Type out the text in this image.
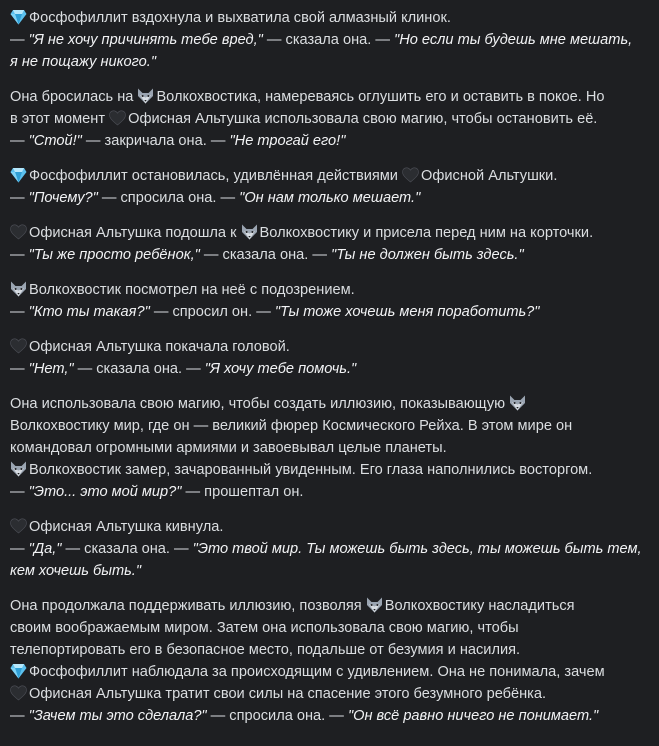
Фосфофиллит вздохнула и выхватила свой алмазный клинок.
— "Я не хочу причинять тебе вред," — сказала она. — "Но если ты будешь мне мешать,
я не пощажу никого."
Она бросилась на
Волкохвостика, намереваясь оглушить его и оставить в покое. Но
в этот момент
Офисная Альтушка использовала свою магию, чтобы остановить её.
— "Стой!" — закричала она. — "Не трогай его!"
Фосфофиллит остановилась, удивлённая действиями
Офисной Альтушки.
— "Почему?" — спросила она. — "Он нам только мешает."
Офисная Альтушка подошла к
Волкохвостику и присела перед ним на корточки.
— "Ты же просто ребёнок," — сказала она. — "Ты не должен быть здесь."
Волкохвостик посмотрел на неё с подозрением.
— "Кто ты такая?" — спросил он. — "Ты тоже хочешь меня поработить?"
Офисная Альтушка покачала головой.
— "Нет," — сказала она. — "Я хочу тебе помочь."
Она использовала свою магию, чтобы создать иллюзию, показывающую
Волкохвостику мир, где он — великий фюрер Космического Рейха. В этом мире он
командовал огромными армиями и завоевывал целые планеты.
Волкохвостик замер, зачарованный увиденным. Его глаза наполнились восторгом.
— "Это... это мой мир?" — прошептал он.
Офисная Альтушка кивнула.
— "Да," — сказала она. — "Это твой мир. Ты можешь быть здесь, ты можешь быть тем,
кем хочешь быть."
Она продолжала поддерживать иллюзию, позволяя
Волкохвостику насладиться
своим воображаемым миром. Затем она использовала свою магию, чтобы
телепортировать его в безопасное место, подальше от безумия и насилия.
Фосфофиллит наблюдала за происходящим с удивлением. Она не понимала, зачем
Офисная Альтушка тратит свои силы на спасение этого безумного ребёнка.
— "Зачем ты это сделала?" — спросила она. — "Он всё равно ничего не понимает."
